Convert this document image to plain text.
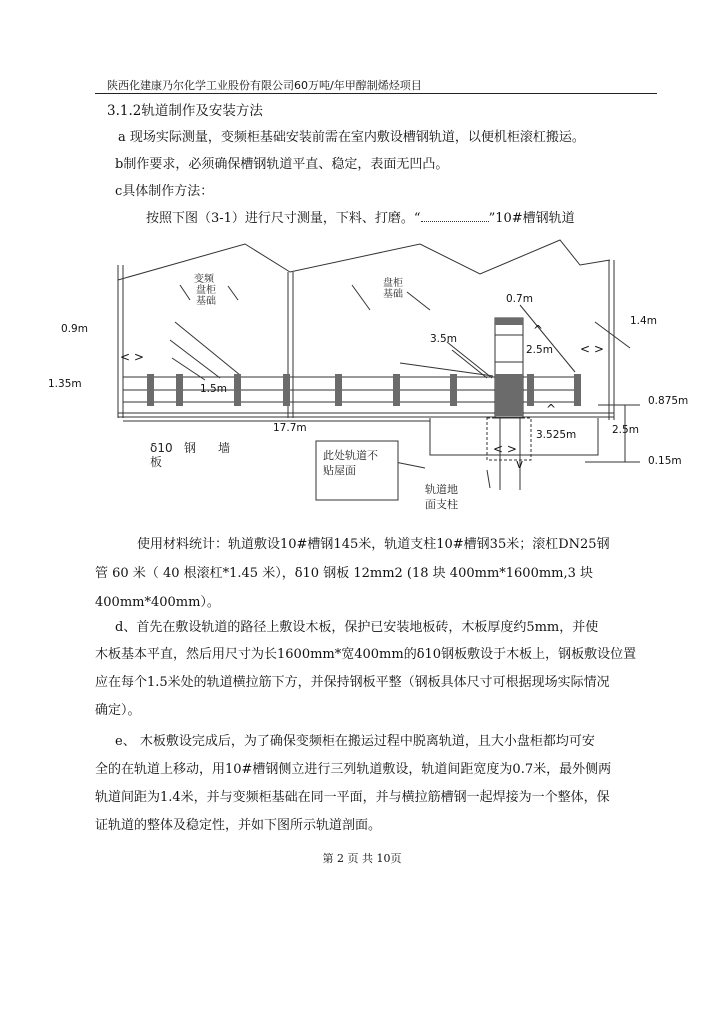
陕西化建康乃尔化学工业股份有限公司60万吨/年甲醇制烯烃项目
3.1.2轨道制作及安装方法
a 现场实际测量，变频柜基础安装前需在室内敷设槽钢轨道，以便机柜滚杠搬运。
b制作要求，必须确保槽钢轨道平直、稳定，表面无凹凸。
c具体制作方法：
按照下图（3-1）进行尺寸测量，下料、打磨。“	”10#槽钢轨道
< >
< >
< >
^
^
v
变频
盘柜
基础
盘柜
基础
δ10 钢 墙
板	此处轨道不
贴屋面
轨道地
面支柱
0.7m
1.4m
0.9m
3.5m
2.5m
1.35m	1.5m
0.875m
17.7m
3.525m	2.5m
0.15m
使用材料统计：轨道敷设10#槽钢145米，轨道支柱10#槽钢35米；滚杠DN25钢
管 60 米（ 40 根滚杠*1.45 米），δ10 钢板 12mm2 (18 块 400mm*1600mm,3 块
400mm*400mm）。
d、首先在敷设轨道的路径上敷设木板，保护已安装地板砖，木板厚度约5mm，并使
木板基本平直，然后用尺寸为长1600mm*宽400mm的δ10钢板敷设于木板上，钢板敷设位置
应在每个1.5米处的轨道横拉筋下方，并保持钢板平整（钢板具体尺寸可根据现场实际情况
确定）。
e、 木板敷设完成后，为了确保变频柜在搬运过程中脱离轨道，且大小盘柜都均可安
全的在轨道上移动，用10#槽钢侧立进行三列轨道敷设，轨道间距宽度为0.7米，最外侧两
轨道间距为1.4米，并与变频柜基础在同一平面，并与横拉筋槽钢一起焊接为一个整体，保
证轨道的整体及稳定性，并如下图所示轨道剖面。
第 2 页 共 10页
